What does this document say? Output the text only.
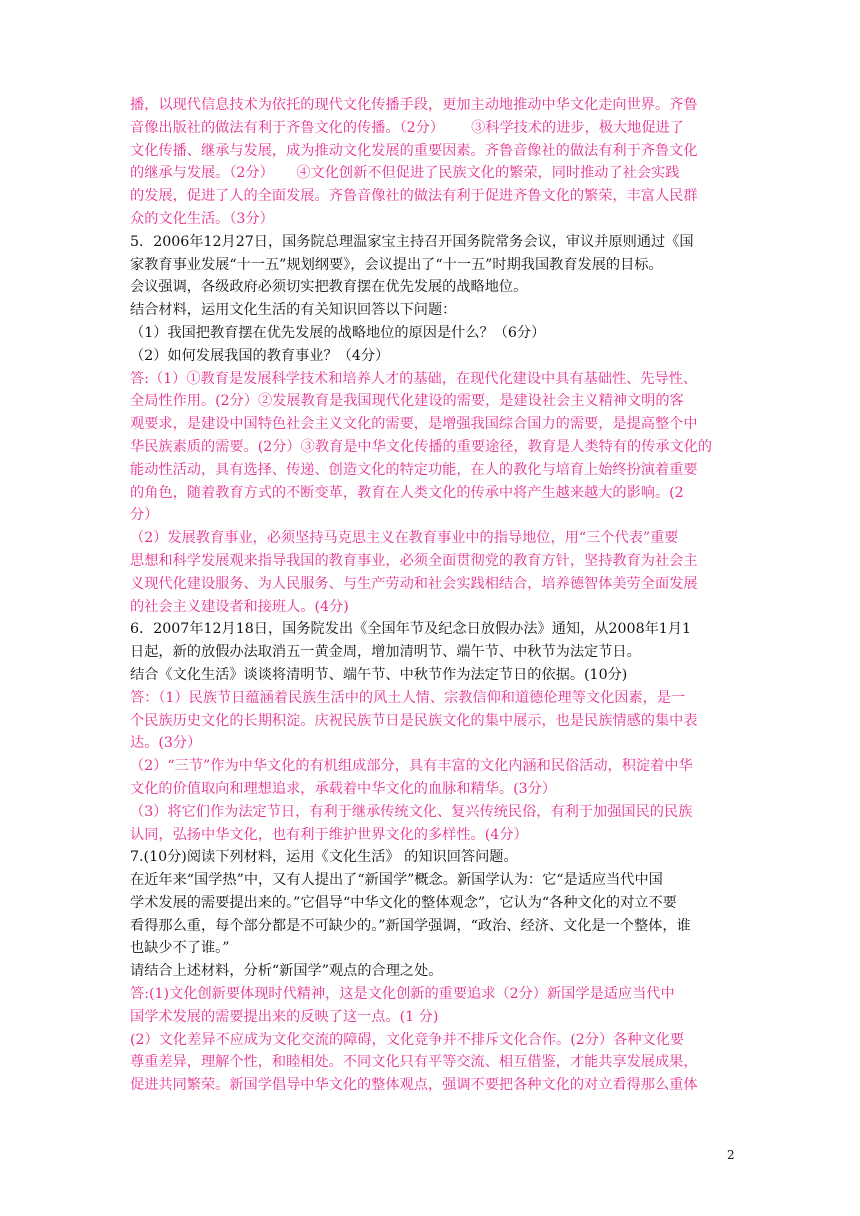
播，以现代信息技术为依托的现代文化传播手段，更加主动地推动中华文化走向世界。齐鲁
音像出版社的做法有利于齐鲁文化的传播。（2分）      ③科学技术的进步，极大地促进了
文化传播、继承与发展，成为推动文化发展的重要因素。齐鲁音像社的做法有利于齐鲁文化
的继承与发展。（2分）     ④文化创新不但促进了民族文化的繁荣，同时推动了社会实践
的发展，促进了人的全面发展。齐鲁音像社的做法有利于促进齐鲁文化的繁荣，丰富人民群
众的文化生活。（3分）
5．2006年12月27日，国务院总理温家宝主持召开国务院常务会议，审议并原则通过《国
家教育事业发展“十一五”规划纲要》，会议提出了“十一五”时期我国教育发展的目标。
会议强调，各级政府必须切实把教育摆在优先发展的战略地位。
结合材料，运用文化生活的有关知识回答以下问题：
（1）我国把教育摆在优先发展的战略地位的原因是什么？（6分）
（2）如何发展我国的教育事业？（4分）
答:（1）①教育是发展科学技术和培养人才的基础，在现代化建设中具有基础性、先导性、
全局性作用。(2分）②发展教育是我国现代化建设的需要，是建设社会主义精神文明的客
观要求，是建设中国特色社会主义文化的需要，是增强我国综合国力的需要，是提高整个中
华民族素质的需要。(2分）③教育是中华文化传播的重要途径，教育是人类特有的传承文化的
能动性活动，具有选择、传递、创造文化的特定功能，在人的教化与培育上始终扮演着重要
的角色，随着教育方式的不断变革，教育在人类文化的传承中将产生越来越大的影响。(2
分）
（2）发展教育事业，必须坚持马克思主义在教育事业中的指导地位，用“三个代表”重要
思想和科学发展观来指导我国的教育事业，必须全面贯彻党的教育方针，坚持教育为社会主
义现代化建设服务、为人民服务、与生产劳动和社会实践相结合，培养德智体美劳全面发展
的社会主义建设者和接班人。(4分)
6．2007年12月18日，国务院发出《全国年节及纪念日放假办法》通知，从2008年1月1
日起，新的放假办法取消五一黄金周，增加清明节、端午节、中秋节为法定节日。
结合《文化生活》谈谈将清明节、端午节、中秋节作为法定节日的依据。(10分)
答：（1）民族节日蕴涵着民族生活中的风土人情、宗教信仰和道德伦理等文化因素，是一
个民族历史文化的长期积淀。庆祝民族节日是民族文化的集中展示，也是民族情感的集中表
达。(3分）
（2）“三节”作为中华文化的有机组成部分，具有丰富的文化内涵和民俗活动，积淀着中华
文化的价值取向和理想追求，承载着中华文化的血脉和精华。(3分）
（3）将它们作为法定节日，有利于继承传统文化、复兴传统民俗，有利于加强国民的民族
认同，弘扬中华文化，也有利于维护世界文化的多样性。(4分）
7.(10分)阅读下列材料，运用《文化生活》 的知识回答问题。
在近年来“国学热”中，又有人提出了“新国学”概念。新国学认为：它“是适应当代中国
学术发展的需要提出来的。”它倡导“中华文化的整体观念”，它认为“各种文化的对立不要
看得那么重，每个部分都是不可缺少的。”新国学强调，“政治、经济、文化是一个整体，谁
也缺少不了谁。”
请结合上述材料，分析“新国学”观点的合理之处。
答:(1)文化创新要体现时代精神，这是文化创新的重要追求（2分）新国学是适应当代中
国学术发展的需要提出来的反映了这一点。(1 分)
(2）文化差异不应成为文化交流的障碍，文化竞争并不排斥文化合作。(2分）各种文化要
尊重差异，理解个性，和睦相处。不同文化只有平等交流、相互借鉴，才能共享发展成果，
促进共同繁荣。新国学倡导中华文化的整体观点，强调不要把各种文化的对立看得那么重体
2
